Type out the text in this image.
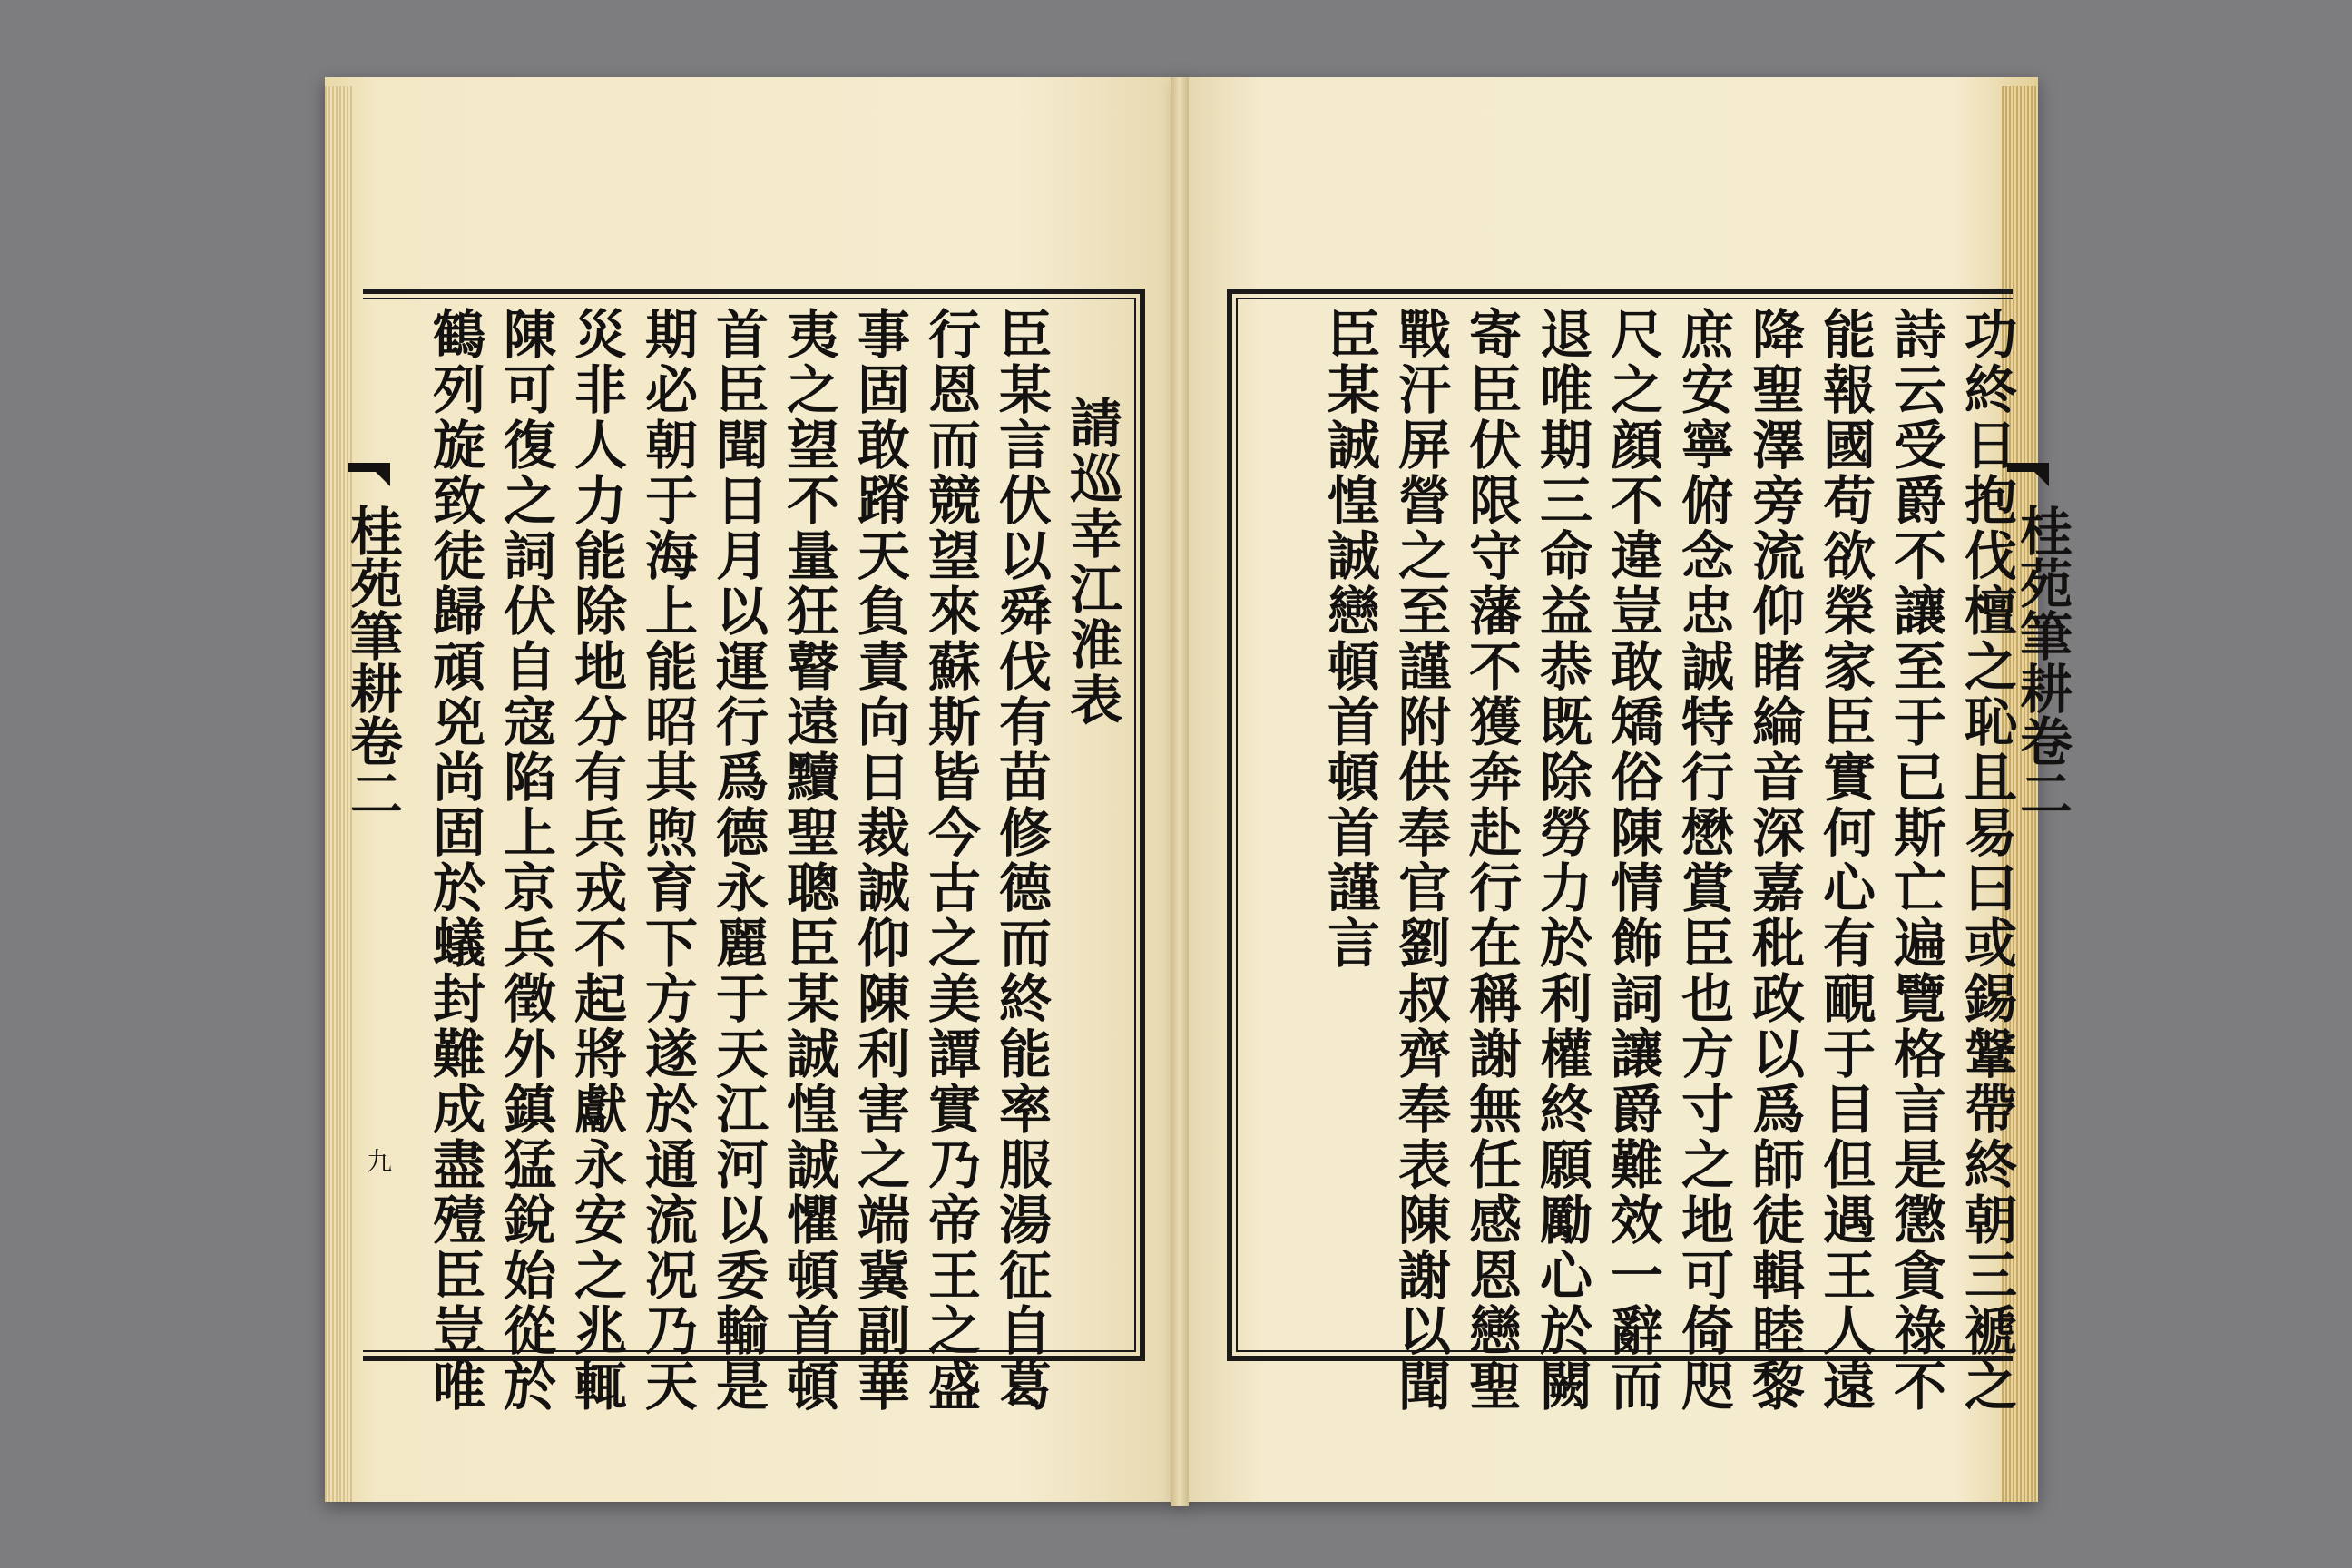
請巡幸江淮表
臣某言伏以舜伐有苗修德而終能率服湯征自葛
行恩而競望來蘇斯皆今古之美譚實乃帝王之盛
事固敢蹐天負責向日裁誠仰陳利害之端冀副華
夷之望不量狂瞽遠黷聖聰臣某誠惶誠懼頓首頓
首臣聞日月以運行爲德永麗于天江河以委輸是
期必朝于海上能昭其煦育下方遂於通流况乃天
災非人力能除地分有兵戎不起將獻永安之兆輒
陳可復之詞伏自寇陷上京兵徵外鎮猛銳始從於
鶴列旋致徒歸頑兇尚固於蟻封難成盡殪臣豈唯
桂苑筆耕卷二
九	功終日抱伐檀之恥且易曰或錫鞶帶終朝三褫之
詩云受爵不讓至于已斯亡遍覽格言是懲貪祿不
能報國苟欲榮家臣實何心有靦于目但遇王人遠
降聖澤旁流仰睹綸音深嘉秕政以爲師徒輯睦黎
庶安寧俯念忠誠特行懋賞臣也方寸之地可倚咫
尺之顔不違豈敢矯俗陳情飾詞讓爵難效一辭而
退唯期三命益恭既除勞力於利權終願勵心於闕
寄臣伏限守藩不獲奔赴行在稱謝無任感恩戀聖
戰汗屏營之至謹附供奉官劉叔齊奉表陳謝以聞
臣某誠惶誠戀頓首頓首謹言	桂苑筆耕卷二
